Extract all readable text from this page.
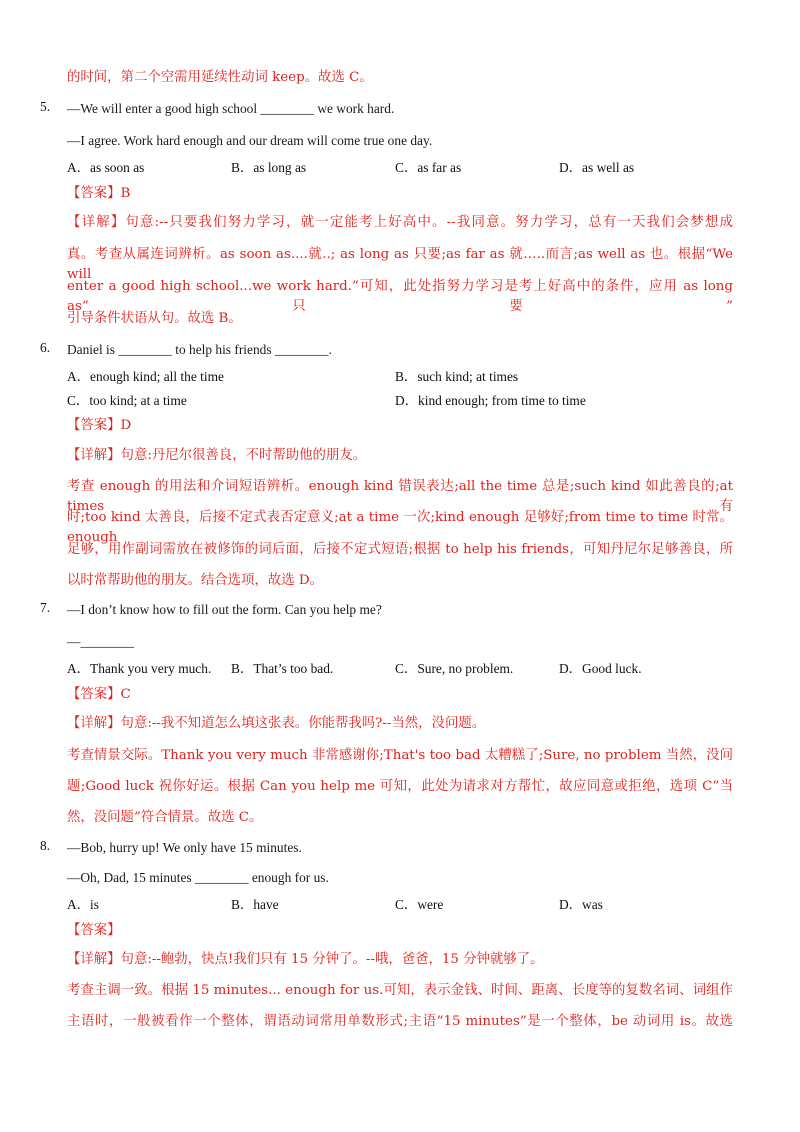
的时间，第二个空需用延续性动词 keep。故选 C。
5. —We will enter a good high school ________ we work hard.
—I agree. Work hard enough and our dream will come true one day.
A．as soon as	B．as long as	C．as far as	D．as well as
【答案】B
【详解】句意:--只要我们努力学习，就一定能考上好高中。--我同意。努力学习，总有一天我们会梦想成
真。考查从属连词辨析。as soon as....就..; as long as 只要;as far as 就…..而言;as well as 也。根据“We will
enter a good high school...we work hard.”可知，此处指努力学习是考上好高中的条件，应用 as long as“只要”
引导条件状语从句。故选 B。
6. Daniel is ________ to help his friends ________.
A．enough kind; all the time	B．such kind; at times
C．too kind; at a time	D．kind enough; from time to time
【答案】D
【详解】句意:丹尼尔很善良，不时帮助他的朋友。
考查 enough 的用法和介词短语辨析。enough kind 错误表达;all the time 总是;such kind 如此善良的;at times 有
时;too kind 太善良，后接不定式表否定意义;at a time 一次;kind enough 足够好;from time to time 时常。enough
足够，用作副词需放在被修饰的词后面，后接不定式短语;根据 to help his friends，可知丹尼尔足够善良，所
以时常帮助他的朋友。结合选项，故选 D。
7. —I don’t know how to fill out the form. Can you help me?
—________
A．Thank you very much. B．That’s too bad.	C．Sure, no problem.	D．Good luck.
【答案】C
【详解】句意:--我不知道怎么填这张表。你能帮我吗?--当然，没问题。
考查情景交际。Thank you very much 非常感谢你;That's too bad 太糟糕了;Sure, no problem 当然，没问
题;Good luck 祝你好运。根据 Can you help me 可知，此处为请求对方帮忙，故应同意或拒绝，选项 C“当
然，没问题”符合情景。故选 C。
8. —Bob, hurry up! We only have 15 minutes.
—Oh, Dad, 15 minutes ________ enough for us.
A．is	B．have	C．were	D．was
【答案】
【详解】句意:--鲍勃，快点!我们只有 15 分钟了。--哦，爸爸，15 分钟就够了。
考查主调一致。根据 15 minutes... enough for us.可知，表示金钱、时间、距离、长度等的复数名词、词组作
主语时，一般被看作一个整体，谓语动词常用单数形式;主语“15 minutes”是一个整体，be 动词用 is。故选
